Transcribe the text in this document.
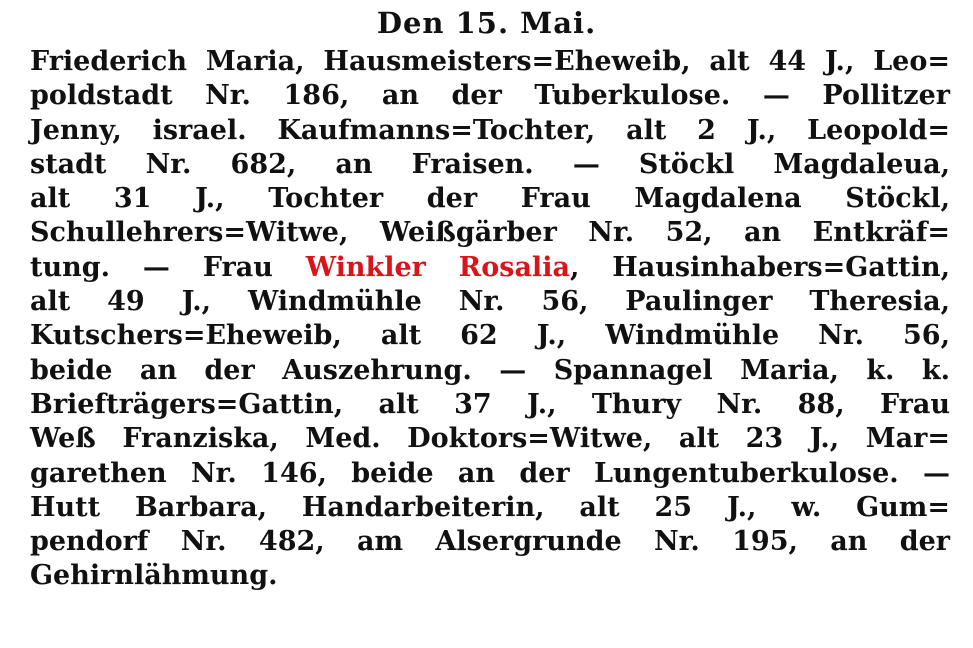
Den 15. Mai.
Friederich Maria, Hausmeisters=Eheweib, alt 44 J., Leo=
poldstadt Nr. 186, an der Tuberkulose. — Pollitzer
Jenny, israel. Kaufmanns=Tochter, alt 2 J., Leopold=
stadt Nr. 682, an Fraisen. — Stöckl Magdaleua,
alt 31 J., Tochter der Frau Magdalena Stöckl,
Schullehrers=Witwe, Weißgärber Nr. 52, an Entkräf=
tung. — Frau Winkler Rosalia, Hausinhabers=Gattin,
alt 49 J., Windmühle Nr. 56, Paulinger Theresia,
Kutschers=Eheweib, alt 62 J., Windmühle Nr. 56,
beide an der Auszehrung. — Spannagel Maria, k. k.
Briefträgers=Gattin, alt 37 J., Thury Nr. 88, Frau
Weß Franziska, Med. Doktors=Witwe, alt 23 J., Mar=
garethen Nr. 146, beide an der Lungentuberkulose. —
Hutt Barbara, Handarbeiterin, alt 25 J., w. Gum=
pendorf Nr. 482, am Alsergrunde Nr. 195, an der
Gehirnlähmung.
